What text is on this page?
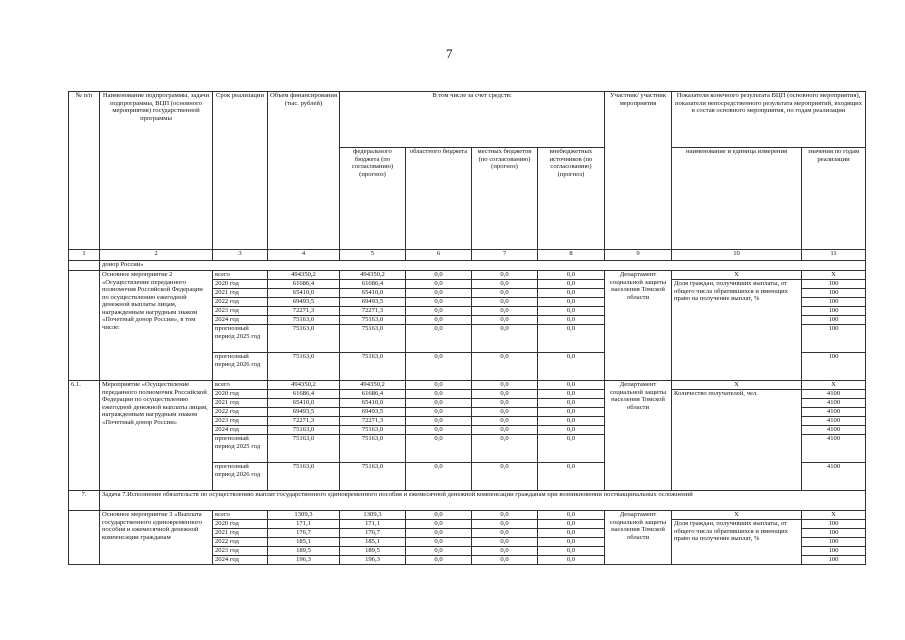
7
№ п/п	Наименование подпрограммы, задачи подпрограммы, ВЦП (основного мероприятия) государственной программы	Срок реализации	Объем финансирования (тыс. рублей)	В том числе за счет средств:				Участник/ участник мероприятия	Показатели конечного результата ВЦП (основного мероприятия), показатели непосредственного результата мероприятий, входящих в состав основного мероприятия, по годам реализации	
				федерального бюджета (по согласованию) (прогноз)	областного бюджета	местных бюджетов (по согласованию) (прогноз)	внебюджетных источников (по согласованию) (прогноз)		наименование и единица измерения	значения по годам реализации
1	2	3	4	5	6	7	8	9	10	11
	донор России»									
	Основное мероприятие 2 «Осуществление переданного полномочия Российской Федерации по осуществлению ежегодной денежной выплаты лицам, награжденным нагрудным знаком «Почетный донор России», в том числе:	всего	494350,2	494350,2	0,0	0,0	0,0	Департамент социальной защиты населения Томской области	X	X
		2020 год	61686,4	61686,4	0,0	0,0	0,0		Доля граждан, получивших выплаты, от общего числа обратившихся и имеющих право на получение выплат, %	100
		2021 год	65410,0	65410,0	0,0	0,0	0,0			100
		2022 год	69493,5	69493,5	0,0	0,0	0,0			100
		2023 год	72271,3	72271,3	0,0	0,0	0,0			100
		2024 год	75163,0	75163,0	0,0	0,0	0,0			100
		прогнозный период 2025 год	75163,0	75163,0	0,0	0,0	0,0			100
		прогнозный период 2026 год	75163,0	75163,0	0,0	0,0	0,0			100
6.1.	Мероприятие «Осуществление переданного полномочия Российской Федерации по осуществлению ежегодной денежной выплаты лицам, награжденным нагрудным знаком «Почетный донор России»	всего	494350,2	494350,2	0,0	0,0	0,0	Департамент социальной защиты населения Томской области	X	X
		2020 год	61686,4	61686,4	0,0	0,0	0,0		Количество получателей, чел.	4100
		2021 год	65410,0	65410,0	0,0	0,0	0,0			4100
		2022 год	69493,5	69493,5	0,0	0,0	0,0			4100
		2023 год	72271,3	72271,3	0,0	0,0	0,0			4100
		2024 год	75163,0	75163,0	0,0	0,0	0,0			4100
		прогнозный период 2025 год	75163,0	75163,0	0,0	0,0	0,0			4100
		прогнозный период 2026 год	75163,0	75163,0	0,0	0,0	0,0			4100
7.	Задача 7.Исполнение обязательств по осуществлению выплат государственного единовременного пособия и ежемесячной денежной компенсации гражданам при возникновении поствакцинальных осложнений									
	Основное мероприятие 3 «Выплата государственного единовременного пособия и ежемесячной денежной компенсации гражданам	всего	1309,3	1309,3	0,0	0,0	0,0	Департамент социальной защиты населения Томской области	X	X
		2020 год	171,1	171,1	0,0	0,0	0,0		Доля граждан, получивших выплаты, от общего числа обратившихся и имеющих право на получение выплат, %	100
		2021 год	176,7	176,7	0,0	0,0	0,0			100
		2022 год	185,1	185,1	0,0	0,0	0,0			100
		2023 год	189,5	189,5	0,0	0,0	0,0			100
		2024 год	196,3	196,3	0,0	0,0	0,0			100
